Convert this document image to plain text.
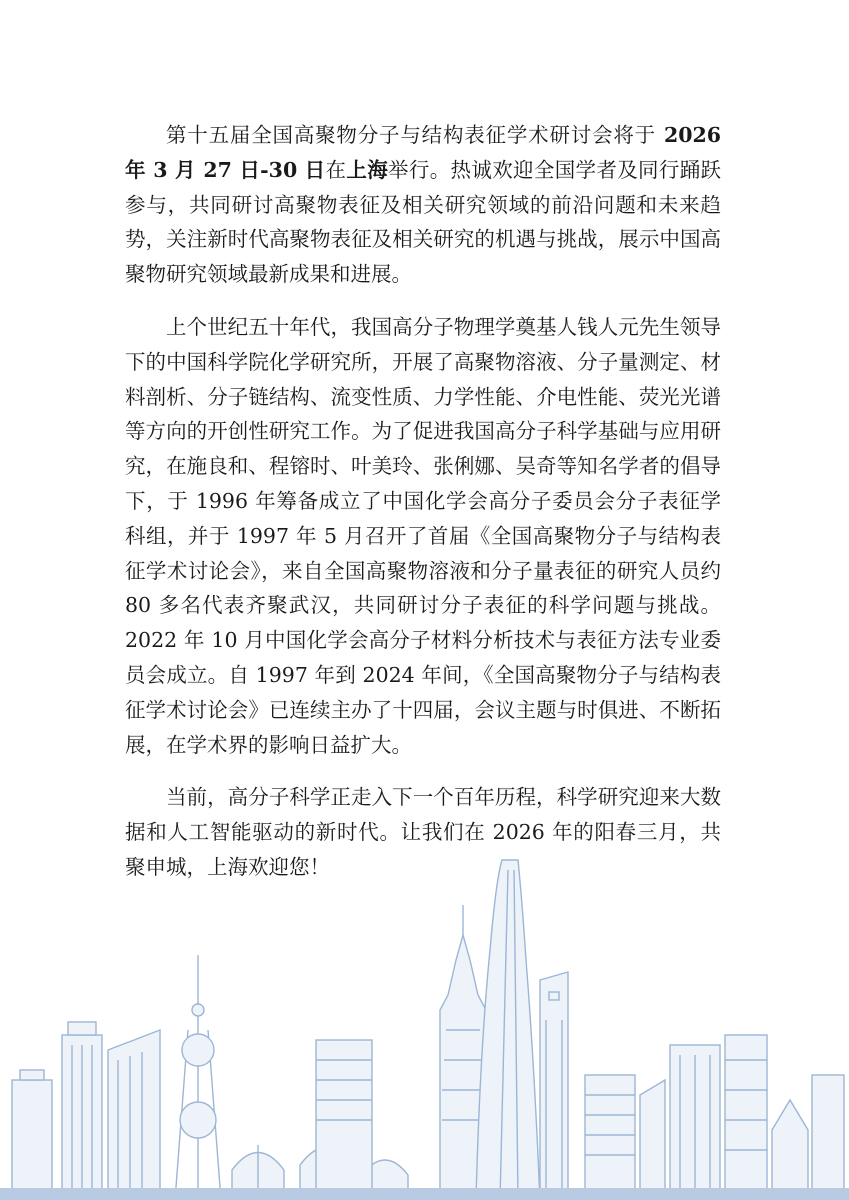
第十五届全国高聚物分子与结构表征学术研讨会将于 2026 年 3 月 27 日-30 日在上海举行。热诚欢迎全国学者及同行踊跃参与，共同研讨高聚物表征及相关研究领域的前沿问题和未来趋势，关注新时代高聚物表征及相关研究的机遇与挑战，展示中国高聚物研究领域最新成果和进展。

上个世纪五十年代，我国高分子物理学奠基人钱人元先生领导下的中国科学院化学研究所，开展了高聚物溶液、分子量测定、材料剖析、分子链结构、流变性质、力学性能、介电性能、荧光光谱等方向的开创性研究工作。为了促进我国高分子科学基础与应用研究，在施良和、程镕时、叶美玲、张俐娜、吴奇等知名学者的倡导下，于 1996 年筹备成立了中国化学会高分子委员会分子表征学科组，并于 1997 年 5 月召开了首届《全国高聚物分子与结构表征学术讨论会》，来自全国高聚物溶液和分子量表征的研究人员约 80 多名代表齐聚武汉，共同研讨分子表征的科学问题与挑战。2022 年 10 月中国化学会高分子材料分析技术与表征方法专业委员会成立。自 1997 年到 2024 年间，《全国高聚物分子与结构表征学术讨论会》已连续主办了十四届，会议主题与时俱进、不断拓展，在学术界的影响日益扩大。

当前，高分子科学正走入下一个百年历程，科学研究迎来大数据和人工智能驱动的新时代。让我们在 2026 年的阳春三月，共聚申城，上海欢迎您！
